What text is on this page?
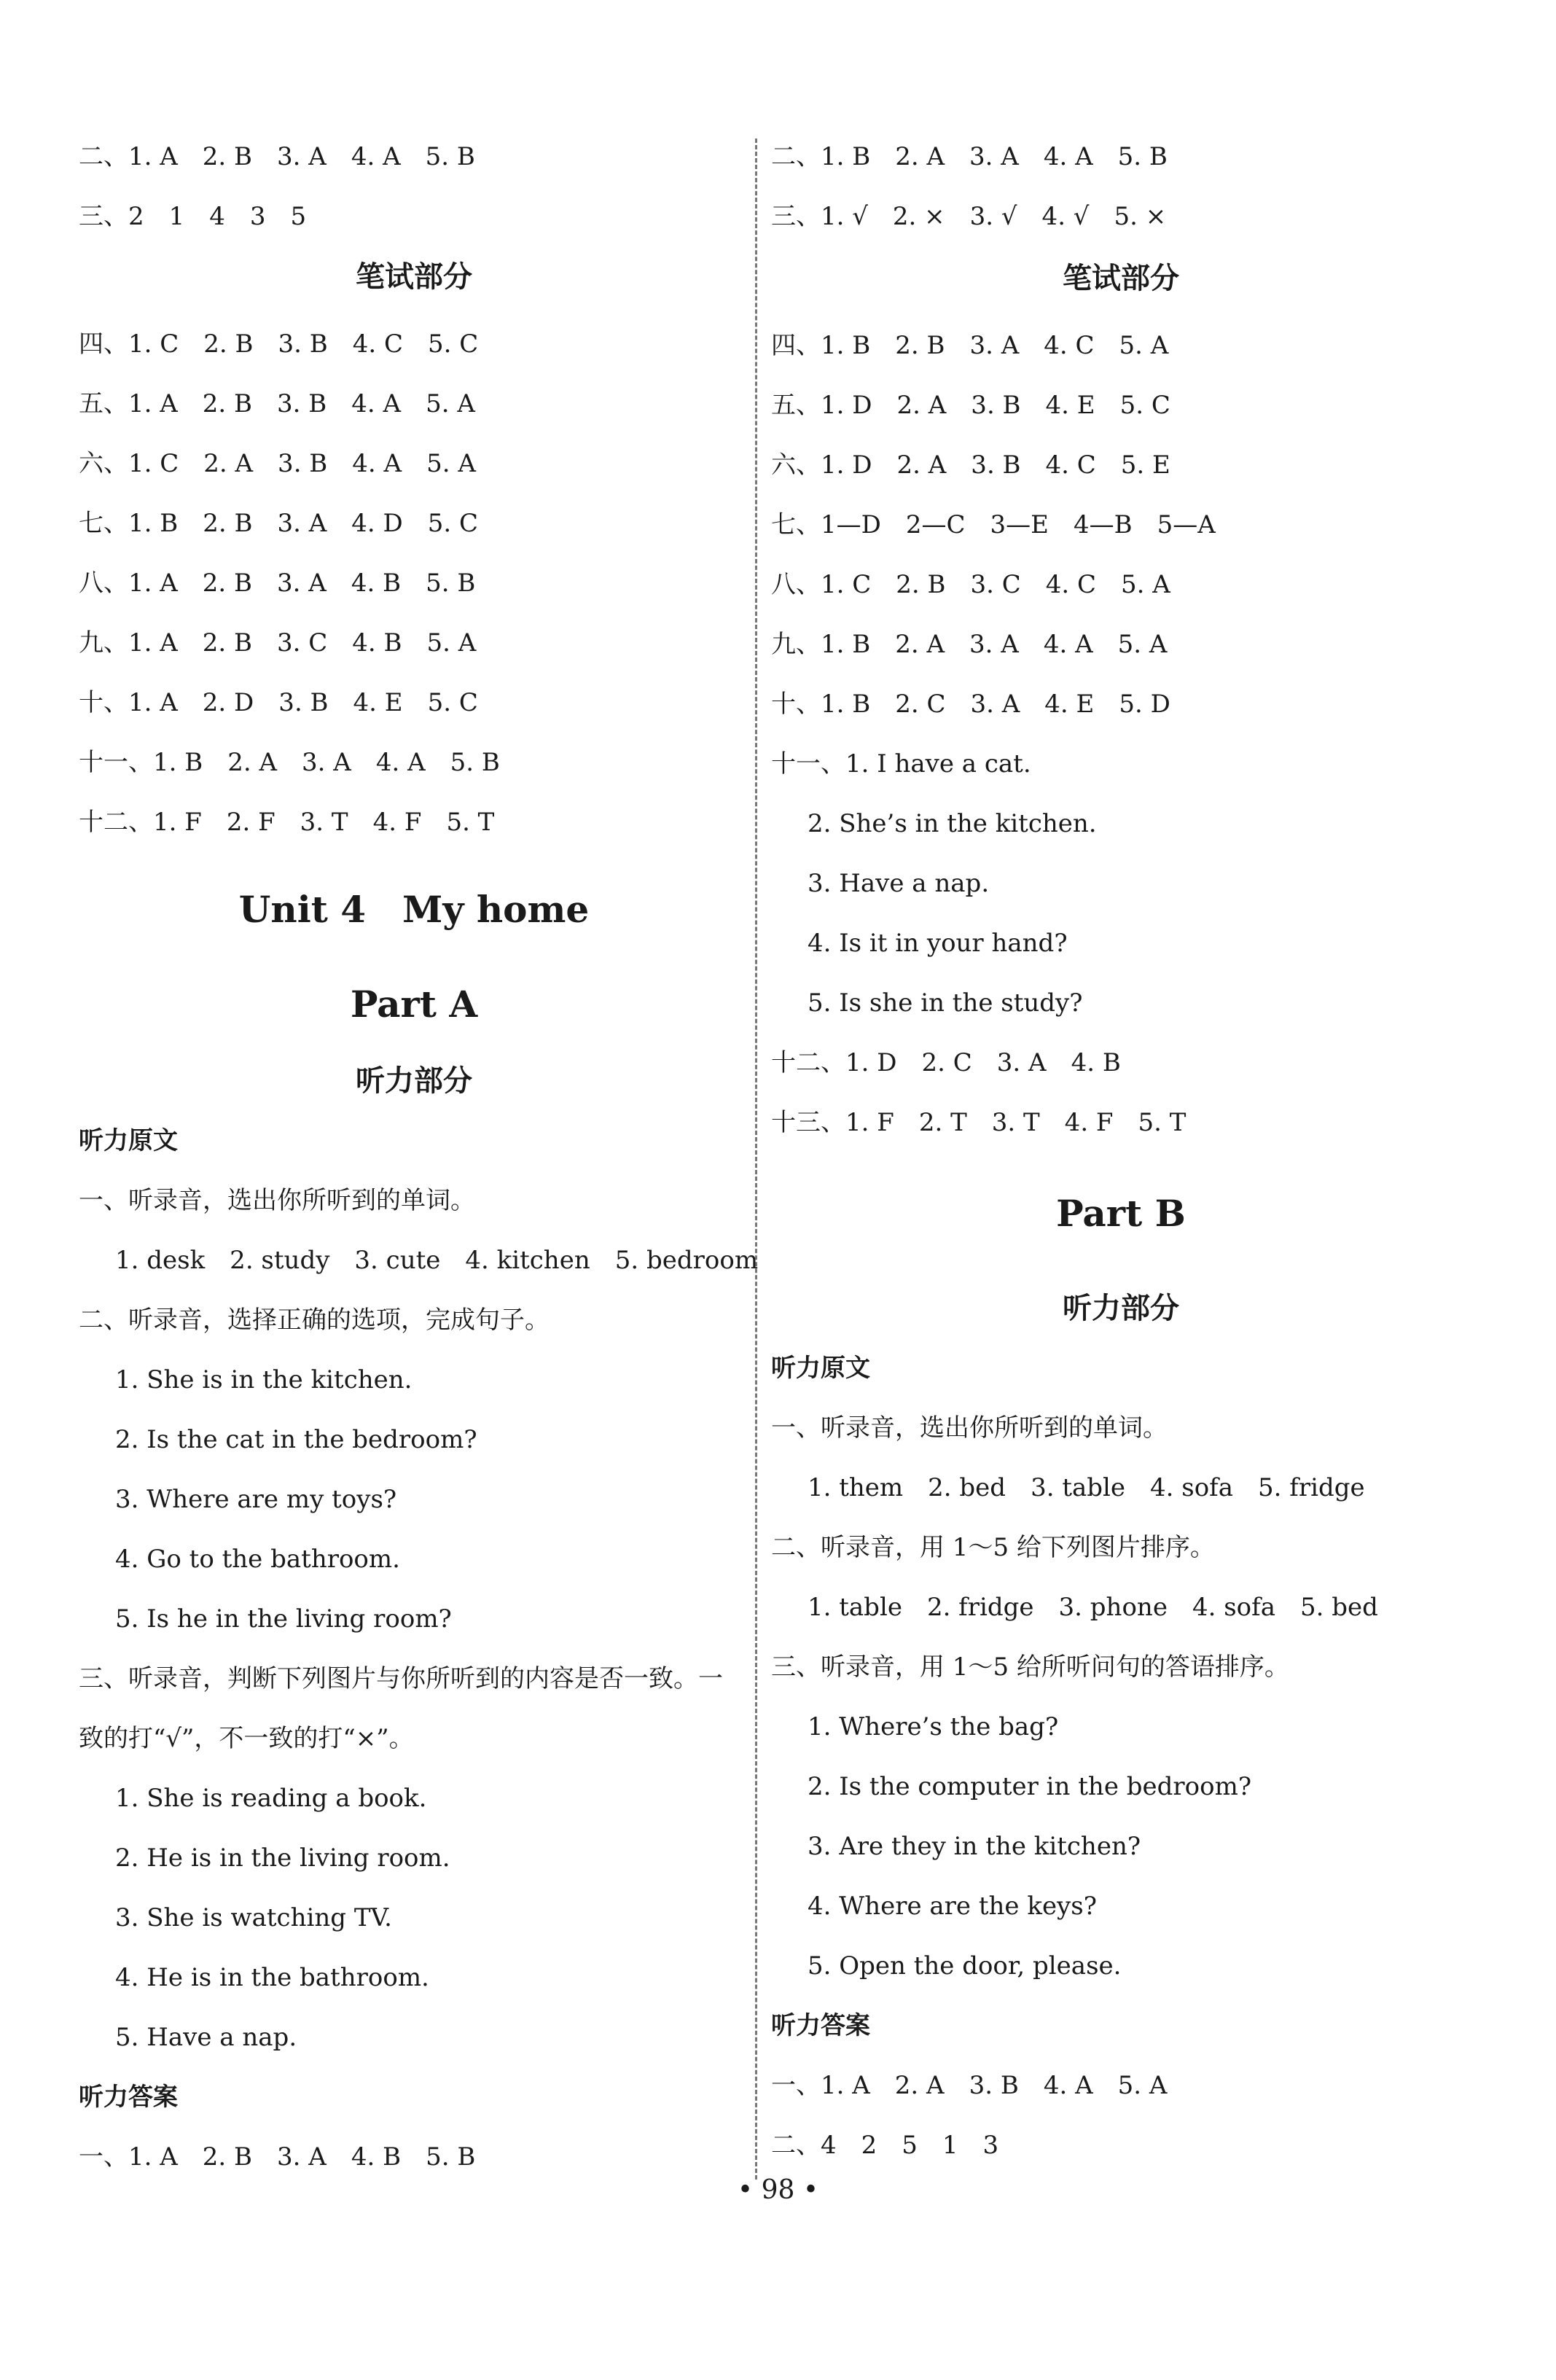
二、1. A　2. B　3. A　4. A　5. B
三、2　1　4　3　5
笔试部分
四、1. C　2. B　3. B　4. C　5. C
五、1. A　2. B　3. B　4. A　5. A
六、1. C　2. A　3. B　4. A　5. A
七、1. B　2. B　3. A　4. D　5. C
八、1. A　2. B　3. A　4. B　5. B
九、1. A　2. B　3. C　4. B　5. A
十、1. A　2. D　3. B　4. E　5. C
十一、1. B　2. A　3. A　4. A　5. B
十二、1. F　2. F　3. T　4. F　5. T
Unit 4　My home
Part A
听力部分
听力原文
一、听录音，选出你所听到的单词。
1. desk　2. study　3. cute　4. kitchen　5. bedroom
二、听录音，选择正确的选项，完成句子。
1. She is in the kitchen.
2. Is the cat in the bedroom?
3. Where are my toys?
4. Go to the bathroom.
5. Is he in the living room?
三、听录音，判断下列图片与你所听到的内容是否一致。一
致的打“√”，不一致的打“×”。
1. She is reading a book.
2. He is in the living room.
3. She is watching TV.
4. He is in the bathroom.
5. Have a nap.
听力答案
一、1. A　2. B　3. A　4. B　5. B
二、1. B　2. A　3. A　4. A　5. B
三、1. √　2. ×　3. √　4. √　5. ×
笔试部分
四、1. B　2. B　3. A　4. C　5. A
五、1. D　2. A　3. B　4. E　5. C
六、1. D　2. A　3. B　4. C　5. E
七、1—D　2—C　3—E　4—B　5—A
八、1. C　2. B　3. C　4. C　5. A
九、1. B　2. A　3. A　4. A　5. A
十、1. B　2. C　3. A　4. E　5. D
十一、1. I have a cat.
2. She’s in the kitchen.
3. Have a nap.
4. Is it in your hand?
5. Is she in the study?
十二、1. D　2. C　3. A　4. B
十三、1. F　2. T　3. T　4. F　5. T
Part B
听力部分
听力原文
一、听录音，选出你所听到的单词。
1. them　2. bed　3. table　4. sofa　5. fridge
二、听录音，用 1～5 给下列图片排序。
1. table　2. fridge　3. phone　4. sofa　5. bed
三、听录音，用 1～5 给所听问句的答语排序。
1. Where’s the bag?
2. Is the computer in the bedroom?
3. Are they in the kitchen?
4. Where are the keys?
5. Open the door, please.
听力答案
一、1. A　2. A　3. B　4. A　5. A
二、4　2　5　1　3
• 98 •
